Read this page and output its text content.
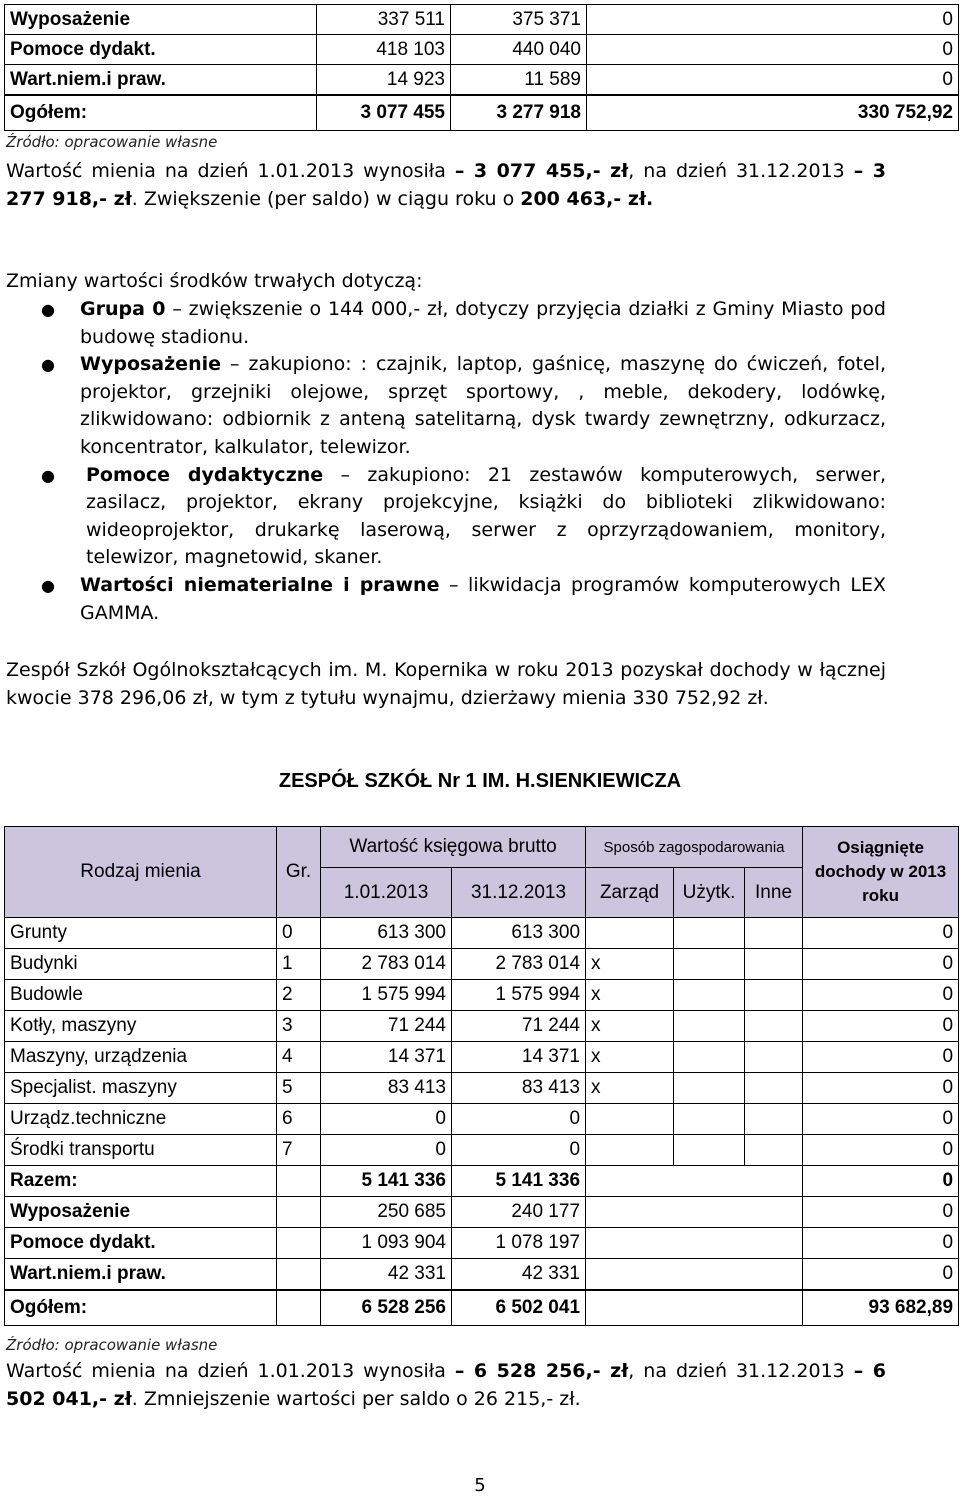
Wyposażenie	337 511	375 371	0
Pomoce dydakt.	418 103	440 040	0
Wart.niem.i praw.	14 923	11 589	0
Ogółem:	3 077 455	3 277 918	330 752,92
Źródło: opracowanie własne
Wartość mienia na dzień 1.01.2013 wynosiła – 3 077 455,- zł, na dzień 31.12.2013 – 3 277 918,- zł. Zwiększenie (per saldo) w ciągu roku o 200 463,- zł.
Zmiany wartości środków trwałych dotyczą:
● Grupa 0 – zwiększenie o 144 000,- zł, dotyczy przyjęcia działki z Gminy Miasto pod budowę stadionu.
● Wyposażenie – zakupiono: : czajnik, laptop, gaśnicę, maszynę do ćwiczeń, fotel, projektor, grzejniki olejowe, sprzęt sportowy, , meble, dekodery, lodówkę, zlikwidowano: odbiornik z anteną satelitarną, dysk twardy zewnętrzny, odkurzacz, koncentrator, kalkulator, telewizor.
● Pomoce dydaktyczne – zakupiono: 21 zestawów komputerowych, serwer, zasilacz, projektor, ekrany projekcyjne, książki do biblioteki zlikwidowano: wideoprojektor, drukarkę laserową, serwer z oprzyrządowaniem, monitory, telewizor, magnetowid, skaner.
● Wartości niematerialne i prawne – likwidacja programów komputerowych LEX GAMMA.
Zespół Szkół Ogólnokształcących im. M. Kopernika w roku 2013 pozyskał dochody w łącznej kwocie 378 296,06 zł, w tym z tytułu wynajmu, dzierżawy mienia 330 752,92 zł.
ZESPÓŁ SZKÓŁ Nr 1 IM. H.SIENKIEWICZA
Rodzaj mienia	Gr.	Wartość księgowa brutto		Sposób zagospodarowania			Osiągnięte dochody w 2013 roku
		1.01.2013	31.12.2013	Zarząd	Użytk.	Inne	
Grunty	0	613 300	613 300				0
Budynki	1	2 783 014	2 783 014	x			0
Budowle	2	1 575 994	1 575 994	x			0
Kotły, maszyny	3	71 244	71 244	x			0
Maszyny, urządzenia	4	14 371	14 371	x			0
Specjalist. maszyny	5	83 413	83 413	x			0
Urządz.techniczne	6	0	0				0
Środki transportu	7	0	0				0
Razem:		5 141 336	5 141 336				0
Wyposażenie		250 685	240 177				0
Pomoce dydakt.		1 093 904	1 078 197				0
Wart.niem.i praw.		42 331	42 331				0
Ogółem:		6 528 256	6 502 041				93 682,89
Źródło: opracowanie własne
Wartość mienia na dzień 1.01.2013 wynosiła – 6 528 256,- zł, na dzień 31.12.2013 – 6 502 041,- zł. Zmniejszenie wartości per saldo o 26 215,- zł.
5
